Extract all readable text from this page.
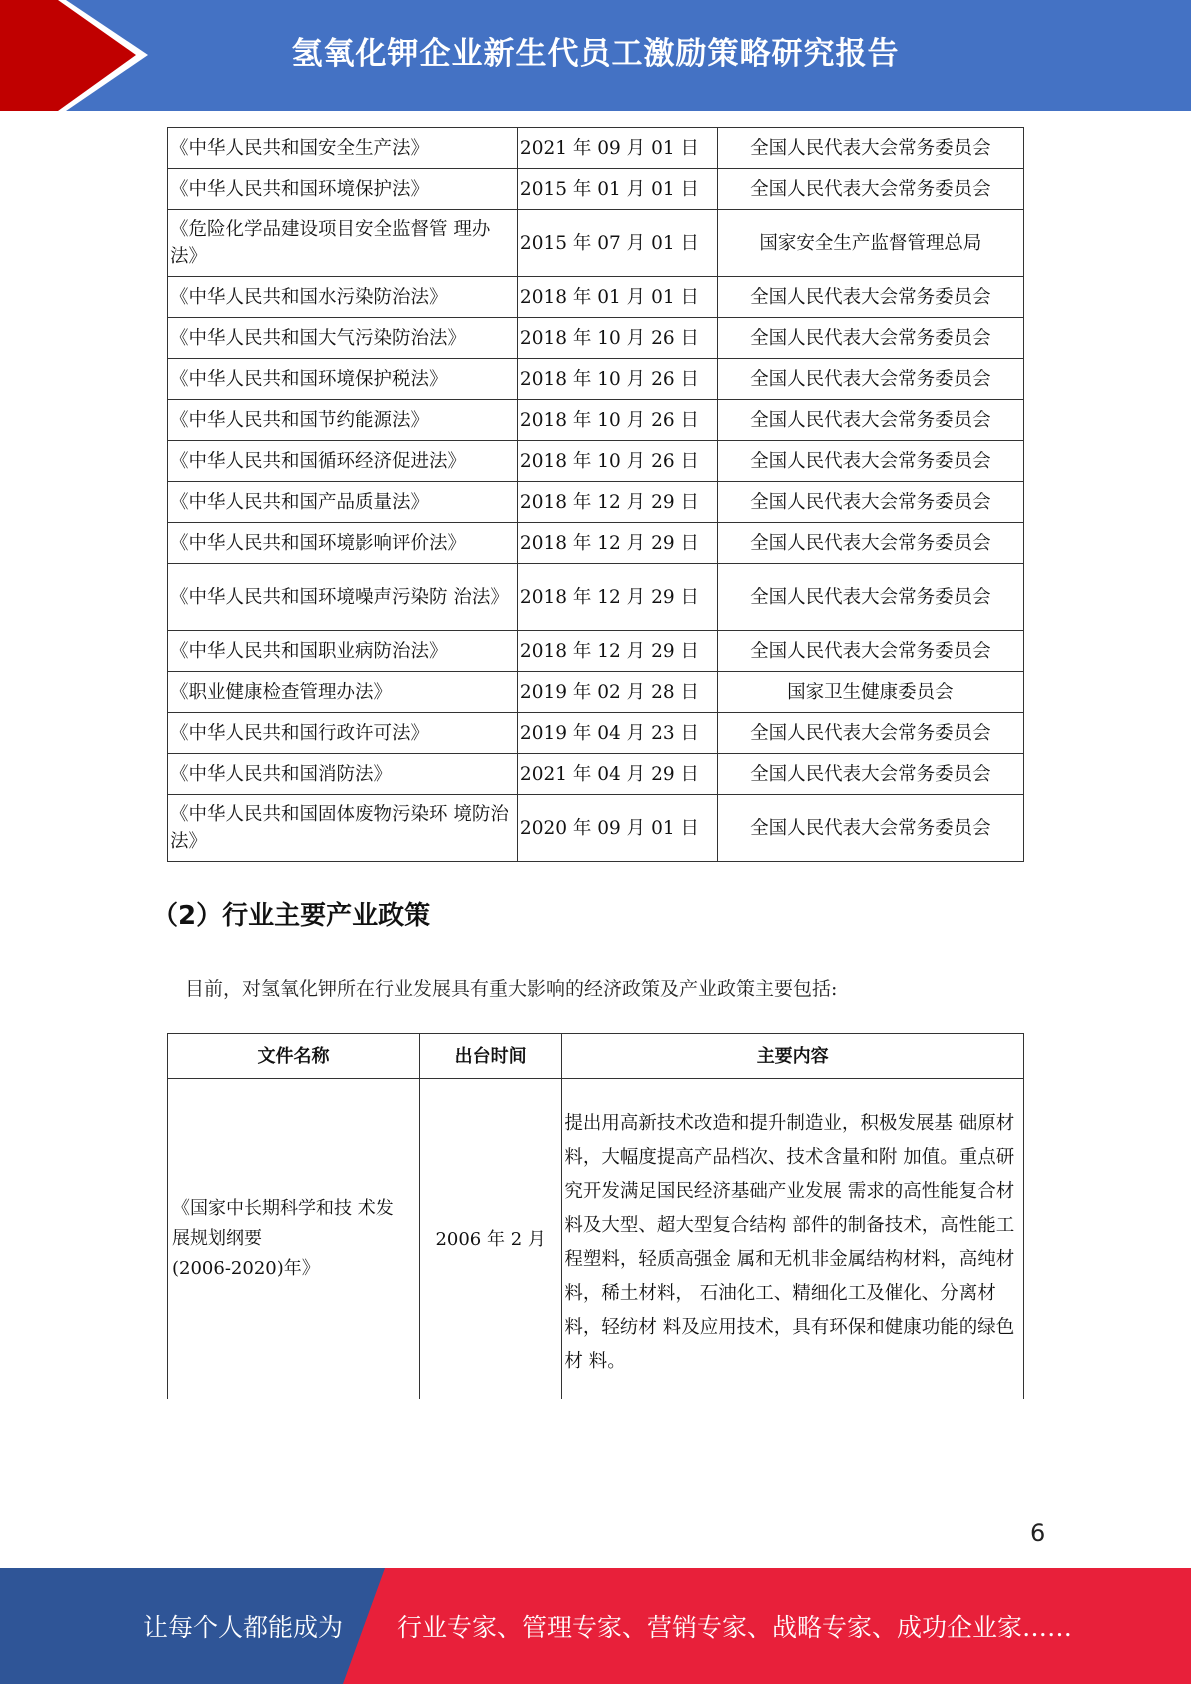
氢氧化钾企业新生代员工激励策略研究报告
《中华人民共和国安全生产法》	2021 年 09 月 01 日	全国人民代表大会常务委员会
《中华人民共和国环境保护法》	2015 年 01 月 01 日	全国人民代表大会常务委员会
《危险化学品建设项目安全监督管 理办法》	2015 年 07 月 01 日	国家安全生产监督管理总局
《中华人民共和国水污染防治法》	2018 年 01 月 01 日	全国人民代表大会常务委员会
《中华人民共和国大气污染防治法》	2018 年 10 月 26 日	全国人民代表大会常务委员会
《中华人民共和国环境保护税法》	2018 年 10 月 26 日	全国人民代表大会常务委员会
《中华人民共和国节约能源法》	2018 年 10 月 26 日	全国人民代表大会常务委员会
《中华人民共和国循环经济促进法》	2018 年 10 月 26 日	全国人民代表大会常务委员会
《中华人民共和国产品质量法》	2018 年 12 月 29 日	全国人民代表大会常务委员会
《中华人民共和国环境影响评价法》	2018 年 12 月 29 日	全国人民代表大会常务委员会
《中华人民共和国环境噪声污染防 治法》	2018 年 12 月 29 日	全国人民代表大会常务委员会
《中华人民共和国职业病防治法》	2018 年 12 月 29 日	全国人民代表大会常务委员会
《职业健康检查管理办法》	2019 年 02 月 28 日	国家卫生健康委员会
《中华人民共和国行政许可法》	2019 年 04 月 23 日	全国人民代表大会常务委员会
《中华人民共和国消防法》	2021 年 04 月 29 日	全国人民代表大会常务委员会
《中华人民共和国固体废物污染环 境防治法》	2020 年 09 月 01 日	全国人民代表大会常务委员会
（2）行业主要产业政策
目前，对氢氧化钾所在行业发展具有重大影响的经济政策及产业政策主要包括:
文件名称	出台时间	主要内容

《国家中长期科学和技 术发
展规划纲要
(2006-2020)年》	2006 年 2 月	提出用高新技术改造和提升制造业，积极发展基 础原材料，大幅度提高产品档次、技术含量和附 加值。重点研究开发满足国民经济基础产业发展 需求的高性能复合材料及大型、超大型复合结构 部件的制备技术，高性能工程塑料，轻质高强金 属和无机非金属结构材料，高纯材料，稀土材料， 石油化工、精细化工及催化、分离材料，轻纺材 料及应用技术，具有环保和健康功能的绿色材 料。
6
让每个人都能成为 行业专家、管理专家、营销专家、战略专家、成功企业家……
